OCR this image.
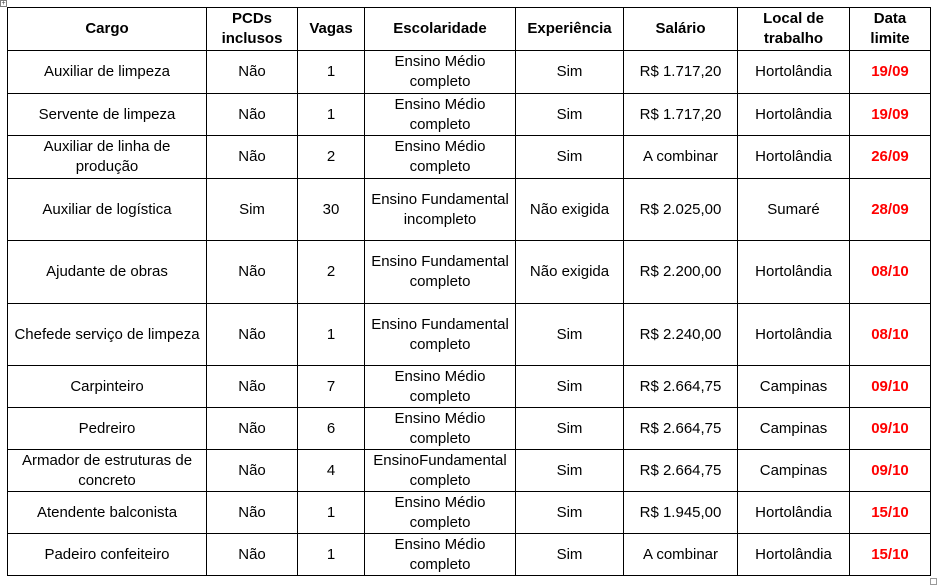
+
Cargo	PCDs inclusos	Vagas	Escolaridade	Experiência	Salário	Local de trabalho	Data limite
Auxiliar de limpeza	Não	1	Ensino Médio completo	Sim	R$ 1.717,20	Hortolândia	19/09
Servente de limpeza	Não	1	Ensino Médio completo	Sim	R$ 1.717,20	Hortolândia	19/09
Auxiliar de linha de produção	Não	2	Ensino Médio completo	Sim	A combinar	Hortolândia	26/09
Auxiliar de logística	Sim	30	Ensino Fundamental incompleto	Não exigida	R$ 2.025,00	Sumaré	28/09
Ajudante de obras	Não	2	Ensino Fundamental completo	Não exigida	R$ 2.200,00	Hortolândia	08/10
Chefede serviço de limpeza	Não	1	Ensino Fundamental completo	Sim	R$ 2.240,00	Hortolândia	08/10
Carpinteiro	Não	7	Ensino Médio completo	Sim	R$ 2.664,75	Campinas	09/10
Pedreiro	Não	6	Ensino Médio completo	Sim	R$ 2.664,75	Campinas	09/10
Armador de estruturas de concreto	Não	4	EnsinoFundamental completo	Sim	R$ 2.664,75	Campinas	09/10
Atendente balconista	Não	1	Ensino Médio completo	Sim	R$ 1.945,00	Hortolândia	15/10
Padeiro confeiteiro	Não	1	Ensino Médio completo	Sim	A combinar	Hortolândia	15/10
